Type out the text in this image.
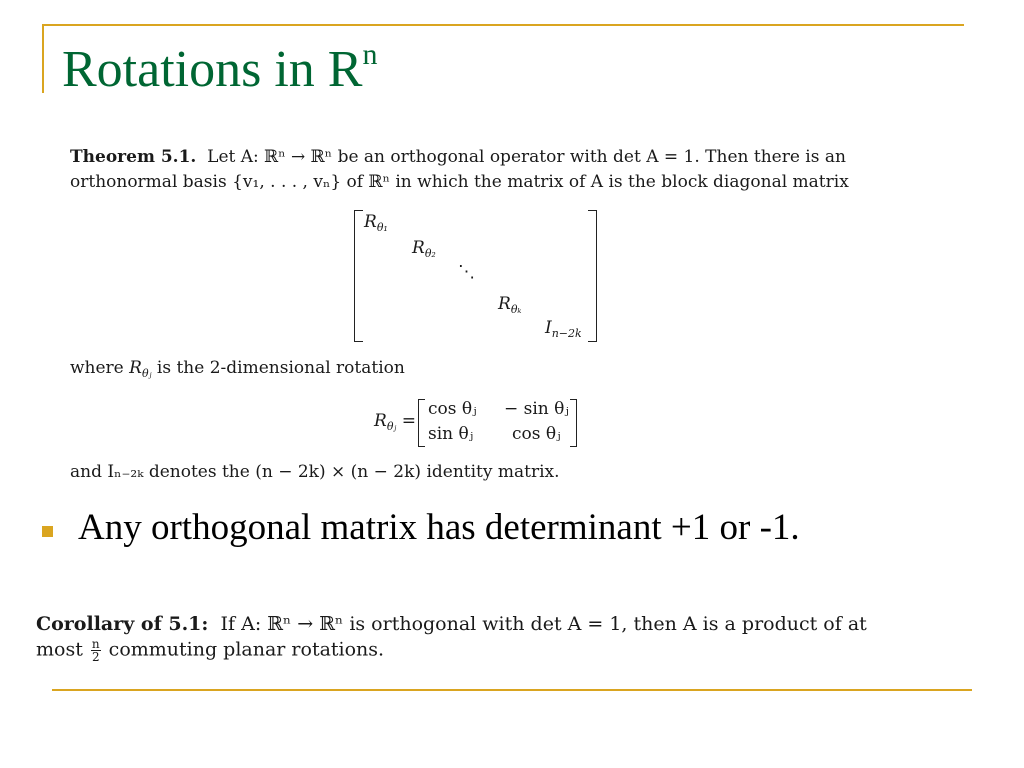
Rotations in $R^n$
Theorem 5.1. Let A: ℝⁿ → ℝⁿ be an orthogonal operator with det A = 1. Then there is an
orthonormal basis {v₁, . . . , vₙ} of ℝⁿ in which the matrix of A is the block diagonal matrix
$R_{\theta_1}$
$R_{\theta_2}$
⋱
$R_{\theta_k}$
$I_{n-2k}$
where $R_{\theta ⱼ}$ is the 2-dimensional rotation
$R_{\theta ⱼ}$ =
cos θⱼ − sin θⱼ
sin θⱼ cos θⱼ
and Iₙ₋₂ₖ denotes the (n − 2k) × (n − 2k) identity matrix.
Any orthogonal matrix has determinant +1 or -1.
Corollary of 5.1: If A: ℝⁿ → ℝⁿ is orthogonal with det A = 1, then A is a product of at
most $\frac{n}{2}$ commuting planar rotations.
